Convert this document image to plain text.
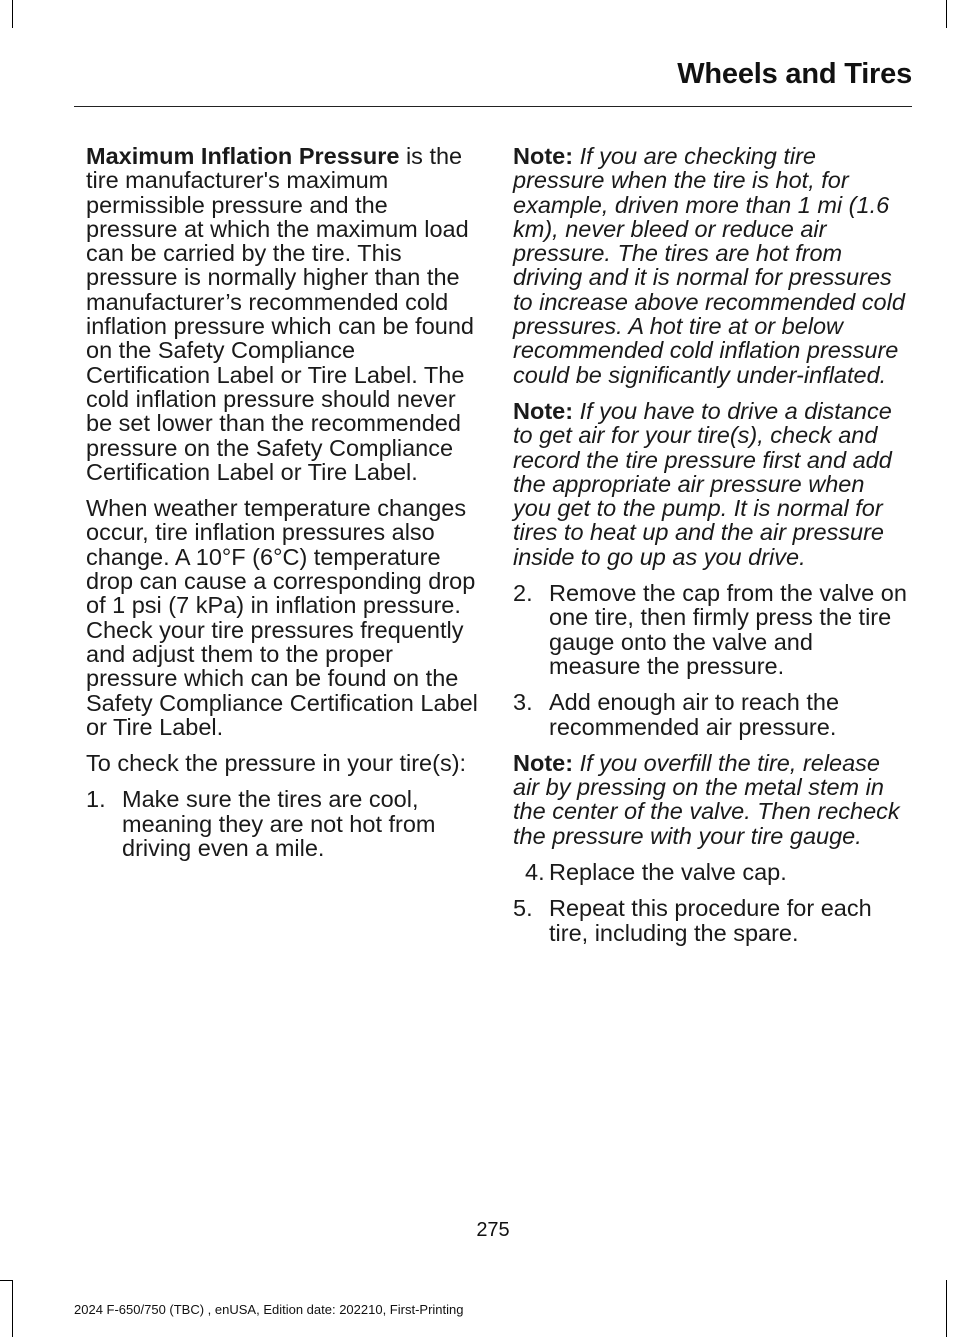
Wheels and Tires

Maximum Inflation Pressure is the tire manufacturer's maximum permissible pressure and the pressure at which the maximum load can be carried by the tire. This pressure is normally higher than the manufacturer’s recommended cold inflation pressure which can be found on the Safety Compliance Certification Label or Tire Label. The cold inflation pressure should never be set lower than the recommended pressure on the Safety Compliance Certification Label or Tire Label.

When weather temperature changes occur, tire inflation pressures also change. A 10°F (6°C) temperature drop can cause a corresponding drop of 1 psi (7 kPa) in inflation pressure. Check your tire pressures frequently and adjust them to the proper pressure which can be found on the Safety Compliance Certification Label or Tire Label.

To check the pressure in your tire(s):

1. Make sure the tires are cool, meaning they are not hot from driving even a mile.

Note: If you are checking tire pressure when the tire is hot, for example, driven more than 1 mi (1.6 km), never bleed or reduce air pressure. The tires are hot from driving and it is normal for pressures to increase above recommended cold pressures. A hot tire at or below recommended cold inflation pressure could be significantly under-inflated.

Note: If you have to drive a distance to get air for your tire(s), check and record the tire pressure first and add the appropriate air pressure when you get to the pump. It is normal for tires to heat up and the air pressure inside to go up as you drive.

2. Remove the cap from the valve on one tire, then firmly press the tire gauge onto the valve and measure the pressure.
3. Add enough air to reach the recommended air pressure.

Note: If you overfill the tire, release air by pressing on the metal stem in the center of the valve. Then recheck the pressure with your tire gauge.

4. Replace the valve cap.
5. Repeat this procedure for each tire, including the spare.
275
2024 F-650/750 (TBC) , enUSA, Edition date: 202210, First-Printing
